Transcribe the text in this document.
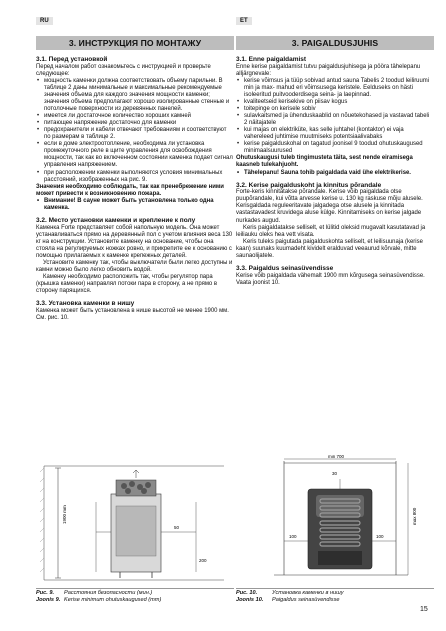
RU	ET
3. ИНСТРУКЦИЯ ПО МОНТАЖУ	3. PAIGALDUSJUHIS

3.1. Перед установкой

Перед началом работ ознакомьтесь с инструкцией и проверьте следующее:

• мощность каменки должна соответствовать объему парильни. В таблице 2 даны минимальные и максимальные рекомендуемые значения объема для каждого значения мощности каменки; значения объема предполагают хорошо изолированные стенные и потолочные поверхности из деревянных панелей.
• имеется ли достаточное количество хороших камней
• питающее напряжение достаточно для каменки
• предохранители и кабели отвечают требованиям и соответствуют по размерам в таблице 2.
• если в доме электроотопление, необходима ли установка промежуточного реле в щите управления для освобождения мощности, так как во включенном состоянии каменка подает сигнал управления напряжением.
• при расположении каменки выполняются условия минимальных расстояний, изображенных на рис. 9.

Значения необходимо соблюдать, так как пренебрежение ними может привести к возникновению пожара.

• Внимание! В сауне может быть установлена только одна каменка.

3.2. Место установки каменки и крепление к полу

Каменка Forte представляет собой напольную модель. Она может устанавливаться прямо на деревянный пол с учетом влияния веса 130 кг на конструкции. Установите каменку на основание, чтобы она стояла на регулируемых ножках ровно, и прикрепите ее к основанию с помощью прилагаемых к каменке крепежных деталей.

Установите каменку так, чтобы выключатели были легко доступны и камни можно было легко обновить водой.

Каменку необходимо расположить так, чтобы регулятор пара (крышка каменки) направлял потоки пара в сторону, а не прямо в сторону парящихся.

3.3. Установка каменки в нишу

Каменка может быть установлена в нише высотой не менее 1900 мм. См. рис. 10.

3.1. Enne paigaldamist

Enne kerise paigaldamist tutvu paigaldusjuhisega ja pööra tähelepanu alljärgnevale:

• kerise võimsus ja tüüp sobivad antud sauna Tabelis 2 toodud leiliruumi min ja max- mahud eri võimsusega keristele. Eelduseks on hästi isoleeritud puitvooderdisega seina- ja laepinnad.
• kvaliteetseid kerisekive on piisav kogus
• toitepinge on kerisele sobiv
• sulavkaitsmed ja ühenduskaablid on nõuetekohased ja vastavad tabeli 2 näitajatele
• kui majas on elektriküte, kas selle juhtahel (kontaktor) ei vaja vahereleed juhtimise muutmiseks potentsiaalivabaks
• kerise paigalduskohal on tagatud joonisel 9 toodud ohutuskaugused minimaalsuurused

Ohutuskaugusi tuleb tingimusteta täita, sest nende eiramisega kaasneb tulekahjuoht.

• Tähelepanu! Sauna tohib paigaldada vaid ühe elektrikerise.

3.2. Kerise paigalduskoht ja kinnitus põrandale

Forte-keris kinnitatakse põrandale. Kerise võib paigaldada otse puupõrandale, kui võtta arvesse kerise u. 130 kg raskuse mõju alusele. Kerisgaldada reguleeritavate jalgadega otse alusele ja kinnitada vastastavadest kruvidega aluse külge. Kinnitamiseks on kerise jalgade nurkades augud.

Keris paigaldatakse selliselt, et lülitid oleksid mugavalt kasutatavad ja leiliauku oleks hea vett visata.

Keris tuleks paigutada paigalduskohta selliselt, et leilisuunaja (kerise kaan) suunaks kuumadeht kividelt eralduvad veeaurud kõrvale, mitte saunaolijatele.

3.3. Paigaldus seinasüvendisse

Kerise võib paigaldada vähemalt 1900 mm kõrgusega seinasüvendisse. Vaata joonist 10.

1900 mm
50
200
min 700
30
100	100
max 800
Рис. 9. Расстояния безопасности (мин.)
Joonis 9. Kerise minimum ohutuskaugused (mm)
Рис. 10.	Установка каменки в нишу
Joonis 10. Paigaldus seinasüvendisse
15
